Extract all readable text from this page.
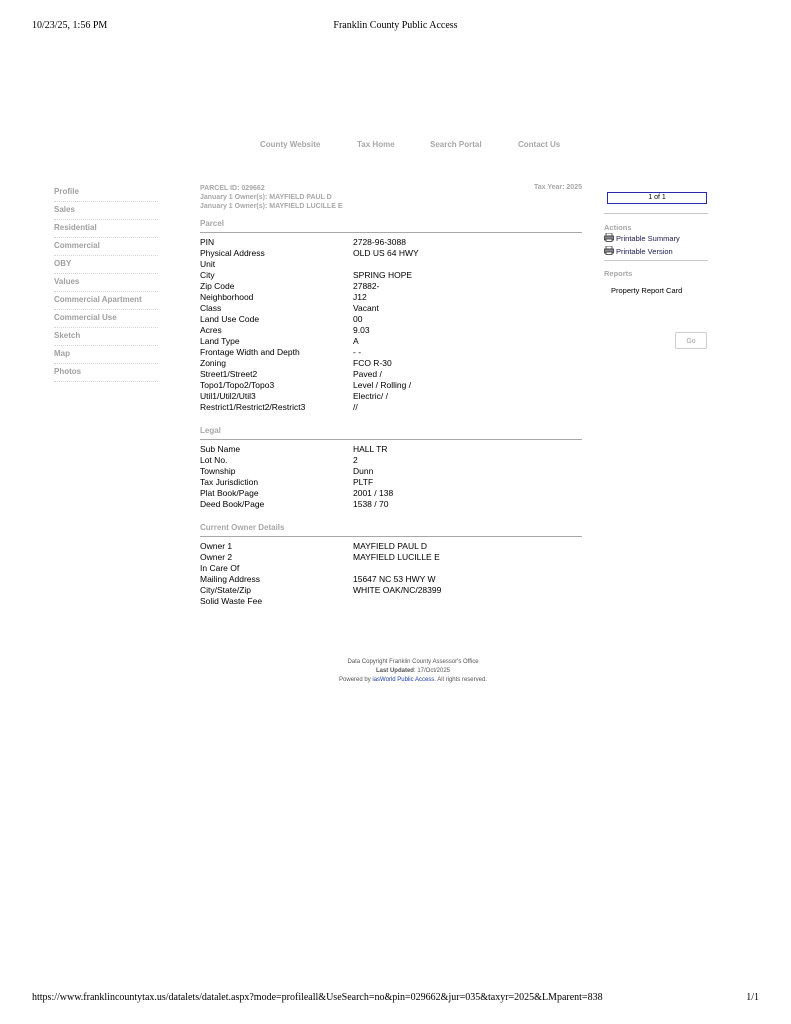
10/23/25, 1:56 PM	Franklin County Public Access
County Website	Tax Home	Search Portal	Contact Us
Profile
Sales
Residential
Commercial
OBY
Values
Commercial Apartment
Commercial Use
Sketch
Map
Photos
PARCEL ID: 029662
January 1 Owner(s): MAYFIELD PAUL D
January 1 Owner(s): MAYFIELD LUCILLE E
Tax Year: 2025
Parcel
PIN	2728-96-3088
Physical Address	OLD US 64 HWY
Unit
City	SPRING HOPE
Zip Code	27882-
Neighborhood	J12
Class	Vacant
Land Use Code	00
Acres	9.03
Land Type	A
Frontage Width and Depth	- -
Zoning	FCO R-30
Street1/Street2	Paved /
Topo1/Topo2/Topo3	Level / Rolling /
Util1/Util2/Util3	Electric/ /
Restrict1/Restrict2/Restrict3	//
Legal
Sub Name	HALL TR
Lot No.	2
Township	Dunn
Tax Jurisdiction	PLTF
Plat Book/Page	2001 / 138
Deed Book/Page	1538 / 70
Current Owner Details
Owner 1	MAYFIELD PAUL D
Owner 2	MAYFIELD LUCILLE E
In Care Of
Mailing Address	15647 NC 53 HWY W
City/State/Zip	WHITE OAK/NC/28399
Solid Waste Fee
1 of 1
Actions
Printable Summary
Printable Version
Reports
Property Report Card
Go
Data Copyright Franklin County Assessor's Office
Last Updated: 17/Oct/2025
Powered by iasWorld Public Access. All rights reserved.
https://www.franklincountytax.us/datalets/datalet.aspx?mode=profileall&UseSearch=no&pin=029662&jur=035&taxyr=2025&LMparent=838	1/1
